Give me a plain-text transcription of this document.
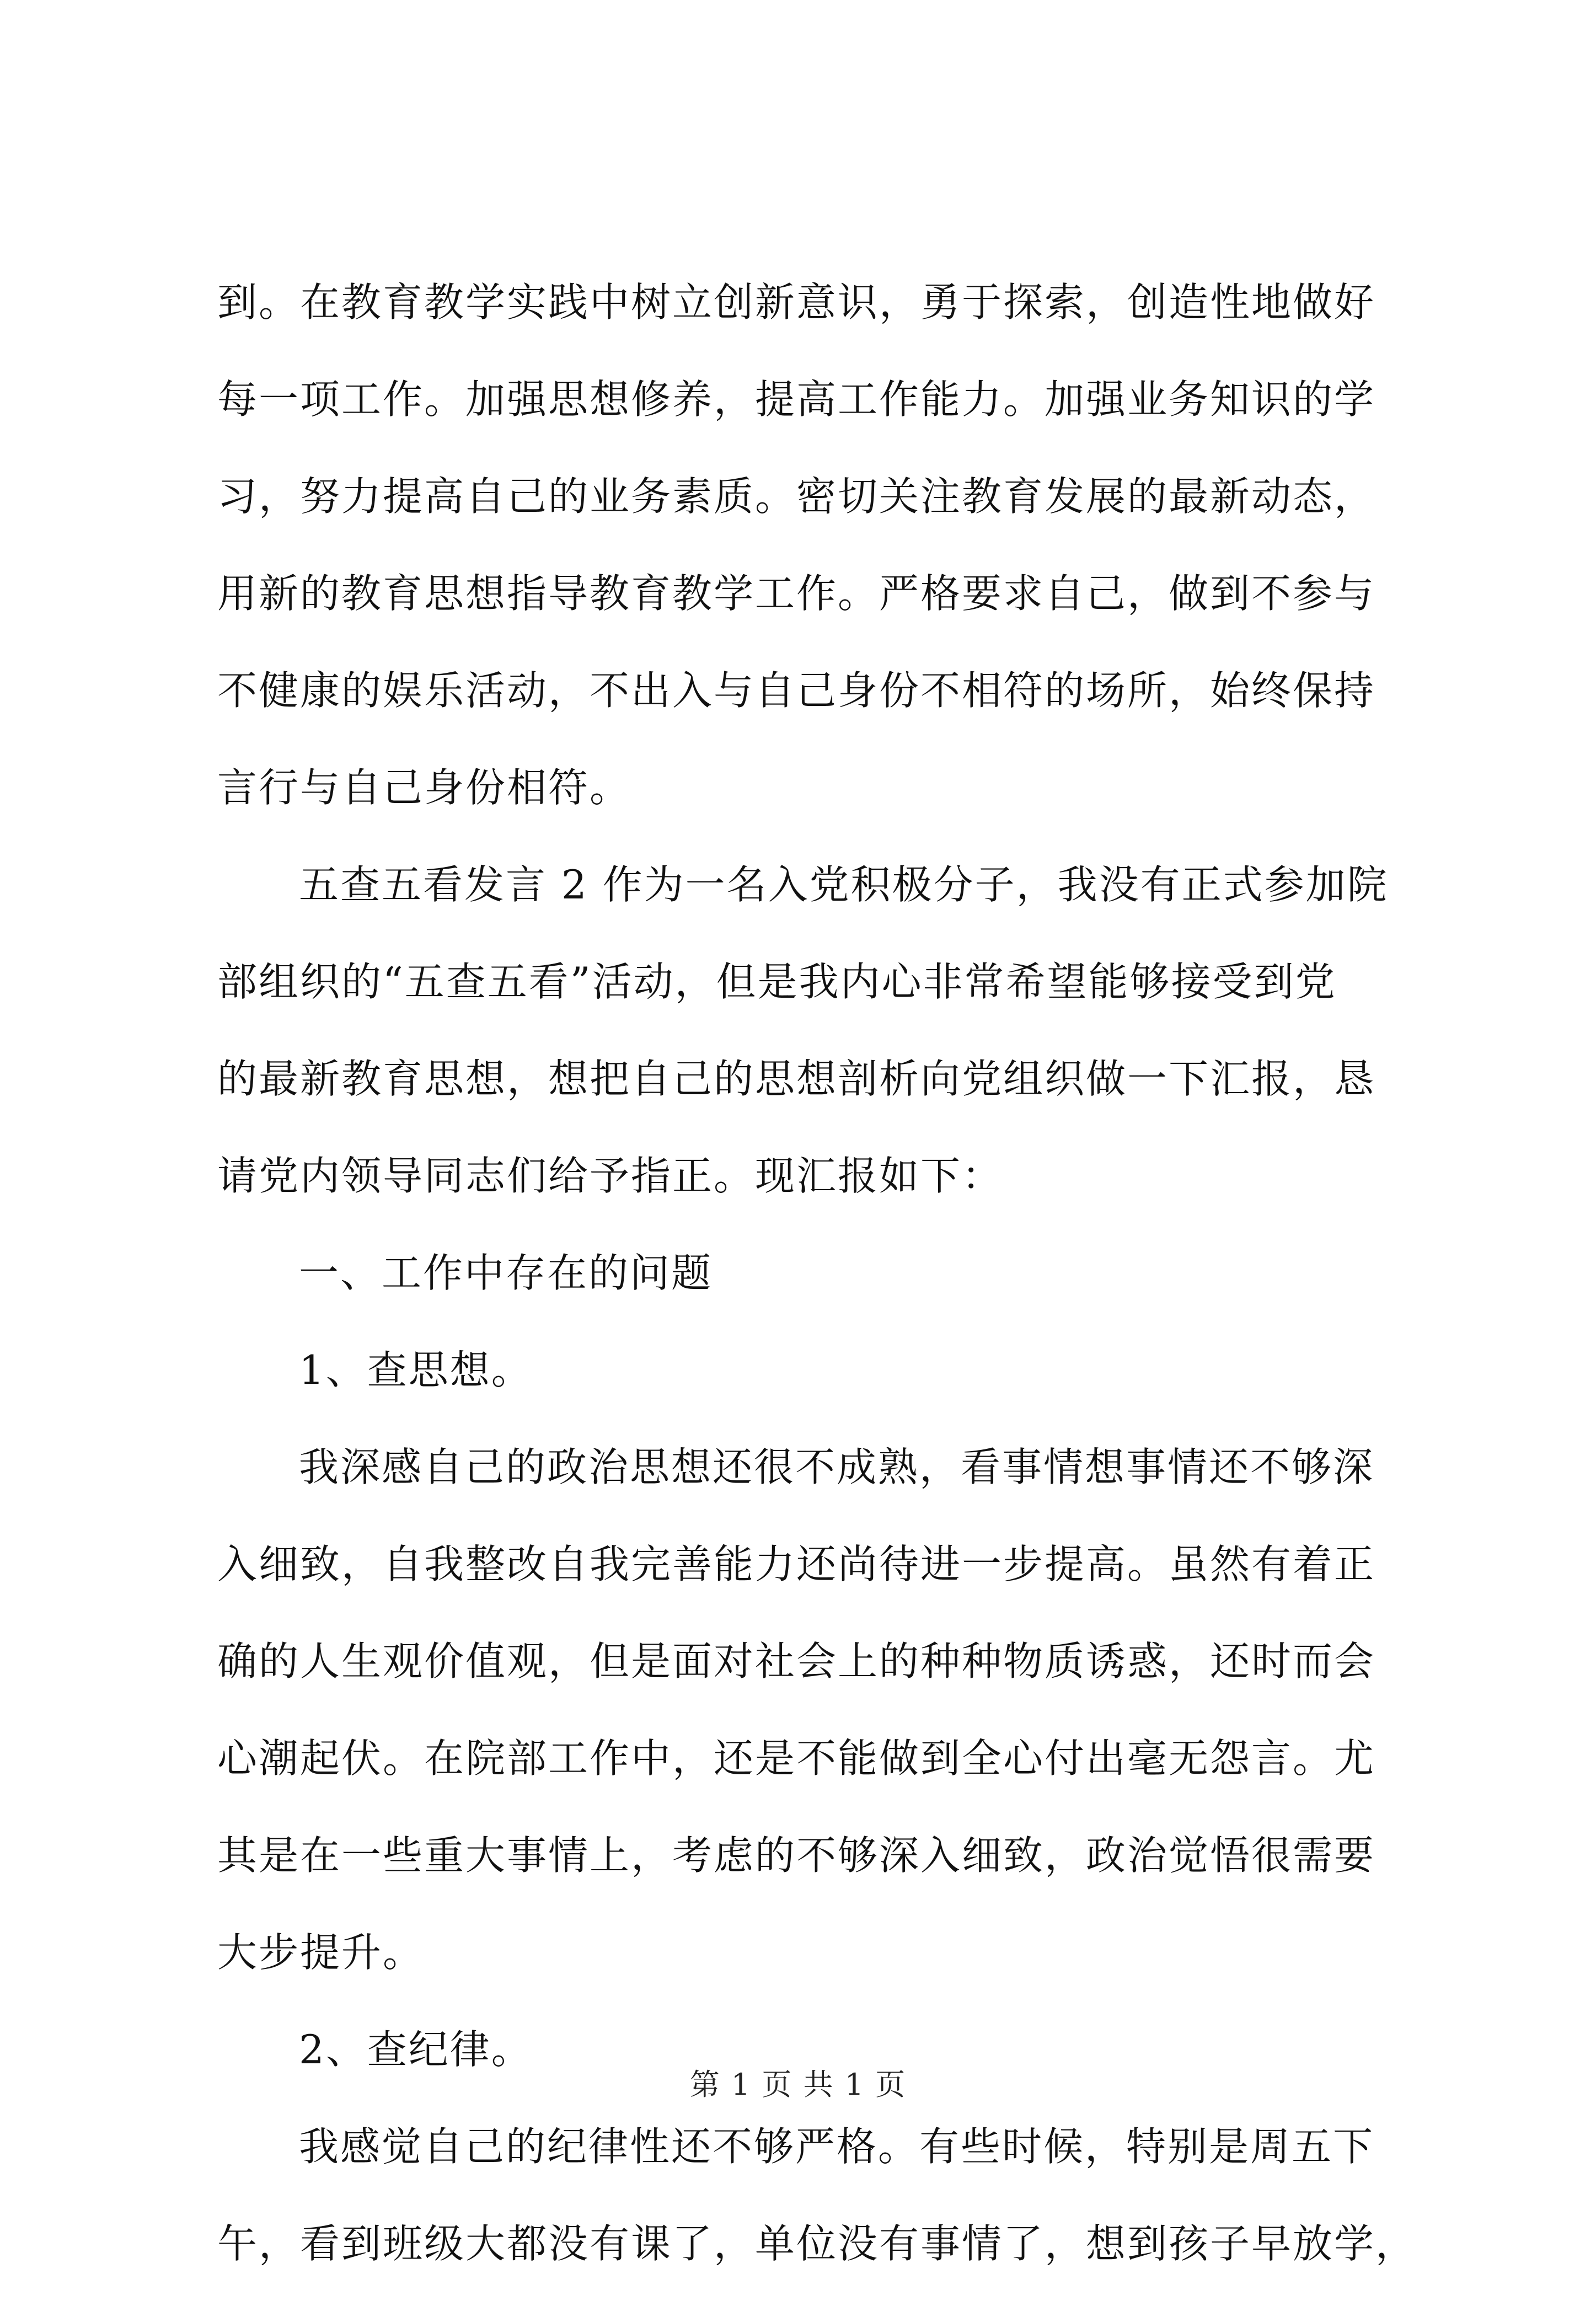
到。在教育教学实践中树立创新意识，勇于探索，创造性地做好
每一项工作。加强思想修养，提高工作能力。加强业务知识的学
习，努力提高自己的业务素质。密切关注教育发展的最新动态，
用新的教育思想指导教育教学工作。严格要求自己，做到不参与
不健康的娱乐活动，不出入与自己身份不相符的场所，始终保持
言行与自己身份相符。
五查五看发言 2 作为一名入党积极分子，我没有正式参加院
部组织的“五查五看”活动，但是我内心非常希望能够接受到党
的最新教育思想，想把自己的思想剖析向党组织做一下汇报，恳
请党内领导同志们给予指正。现汇报如下：
一、工作中存在的问题
1、查思想。
我深感自己的政治思想还很不成熟，看事情想事情还不够深
入细致，自我整改自我完善能力还尚待进一步提高。虽然有着正
确的人生观价值观，但是面对社会上的种种物质诱惑，还时而会
心潮起伏。在院部工作中，还是不能做到全心付出毫无怨言。尤
其是在一些重大事情上，考虑的不够深入细致，政治觉悟很需要
大步提升。
2、查纪律。
我感觉自己的纪律性还不够严格。有些时候，特别是周五下
午，看到班级大都没有课了，单位没有事情了，想到孩子早放学，
第 1 页 共 1 页
